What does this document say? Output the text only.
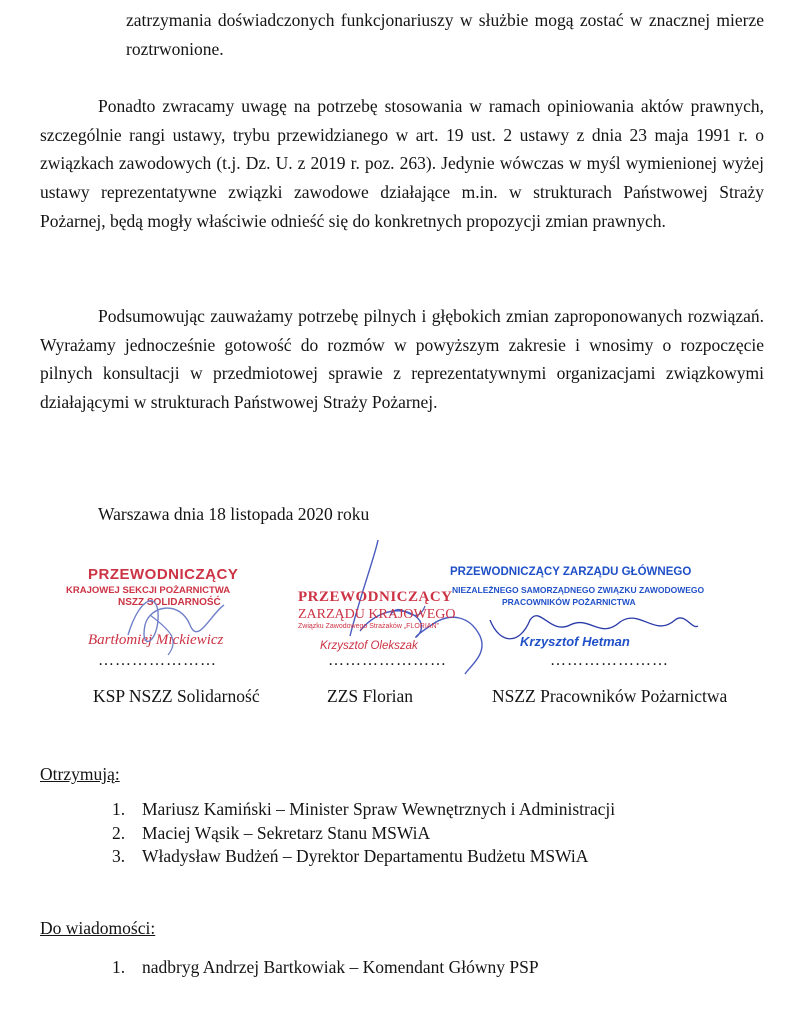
zatrzymania doświadczonych funkcjonariuszy w służbie mogą zostać w znacznej mierze roztrwonione.

Ponadto zwracamy uwagę na potrzebę stosowania w ramach opiniowania aktów prawnych, szczególnie rangi ustawy, trybu przewidzianego w art. 19 ust. 2 ustawy z dnia 23 maja 1991 r. o związkach zawodowych (t.j. Dz. U. z 2019 r. poz. 263). Jedynie wówczas w myśl wymienionej wyżej ustawy reprezentatywne związki zawodowe działające m.in. w strukturach Państwowej Straży Pożarnej, będą mogły właściwie odnieść się do konkretnych propozycji zmian prawnych.

Podsumowując zauważamy potrzebę pilnych i głębokich zmian zaproponowanych rozwiązań. Wyrażamy jednocześnie gotowość do rozmów w powyższym zakresie i wnosimy o rozpoczęcie pilnych konsultacji w przedmiotowej sprawie z reprezentatywnymi organizacjami związkowymi działającymi w strukturach Państwowej Straży Pożarnej.

Warszawa dnia 18 listopada 2020 roku
PRZEWODNICZĄCY
KRAJOWEJ SEKCJI POŻARNICTWA
NSZZ SOLIDARNOŚĆ
Bartłomiej Mickiewicz
…………………
PRZEWODNICZĄCY
ZARZĄDU KRAJOWEGO
Związku Zawodowego Strażaków „FLORIAN”
Krzysztof Olekszak
…………………
PRZEWODNICZĄCY ZARZĄDU GŁÓWNEGO
NIEZALEŻNEGO SAMORZĄDNEGO ZWIĄZKU ZAWODOWEGO
PRACOWNIKÓW POŻARNICTWA
Krzysztof Hetman
…………………
KSP NSZZ Solidarność	ZZS Florian	NSZZ Pracowników Pożarnictwa
Otrzymują:
1. Mariusz Kamiński – Minister Spraw Wewnętrznych i Administracji
2. Maciej Wąsik – Sekretarz Stanu MSWiA
3. Władysław Budżeń – Dyrektor Departamentu Budżetu MSWiA
Do wiadomości:
1. nadbryg Andrzej Bartkowiak – Komendant Główny PSP
